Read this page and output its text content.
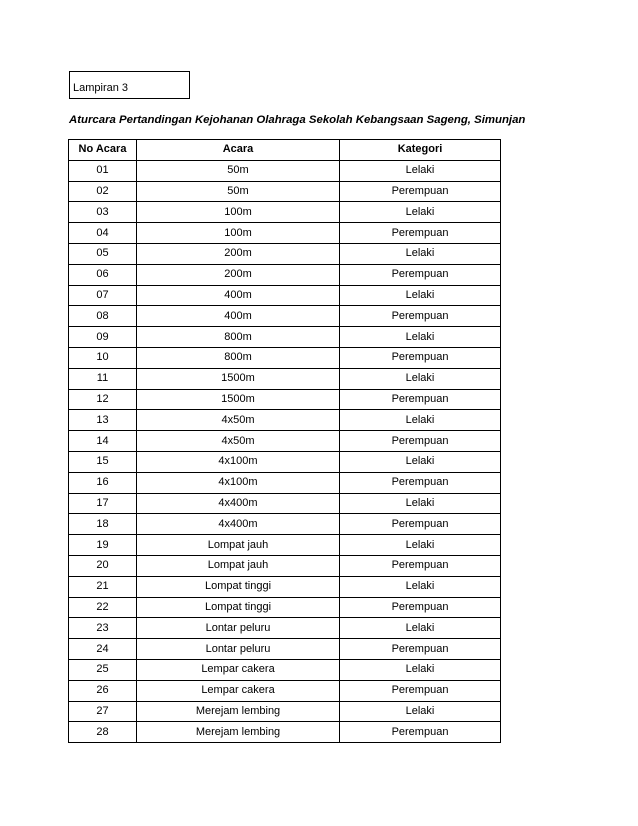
Lampiran 3
Aturcara Pertandingan Kejohanan Olahraga Sekolah Kebangsaan Sageng, Simunjan
No Acara	Acara	Kategori
01	50m	Lelaki
02	50m	Perempuan
03	100m	Lelaki
04	100m	Perempuan
05	200m	Lelaki
06	200m	Perempuan
07	400m	Lelaki
08	400m	Perempuan
09	800m	Lelaki
10	800m	Perempuan
11	1500m	Lelaki
12	1500m	Perempuan
13	4x50m	Lelaki
14	4x50m	Perempuan
15	4x100m	Lelaki
16	4x100m	Perempuan
17	4x400m	Lelaki
18	4x400m	Perempuan
19	Lompat jauh	Lelaki
20	Lompat jauh	Perempuan
21	Lompat tinggi	Lelaki
22	Lompat tinggi	Perempuan
23	Lontar peluru	Lelaki
24	Lontar peluru	Perempuan
25	Lempar cakera	Lelaki
26	Lempar cakera	Perempuan
27	Merejam lembing	Lelaki
28	Merejam lembing	Perempuan
